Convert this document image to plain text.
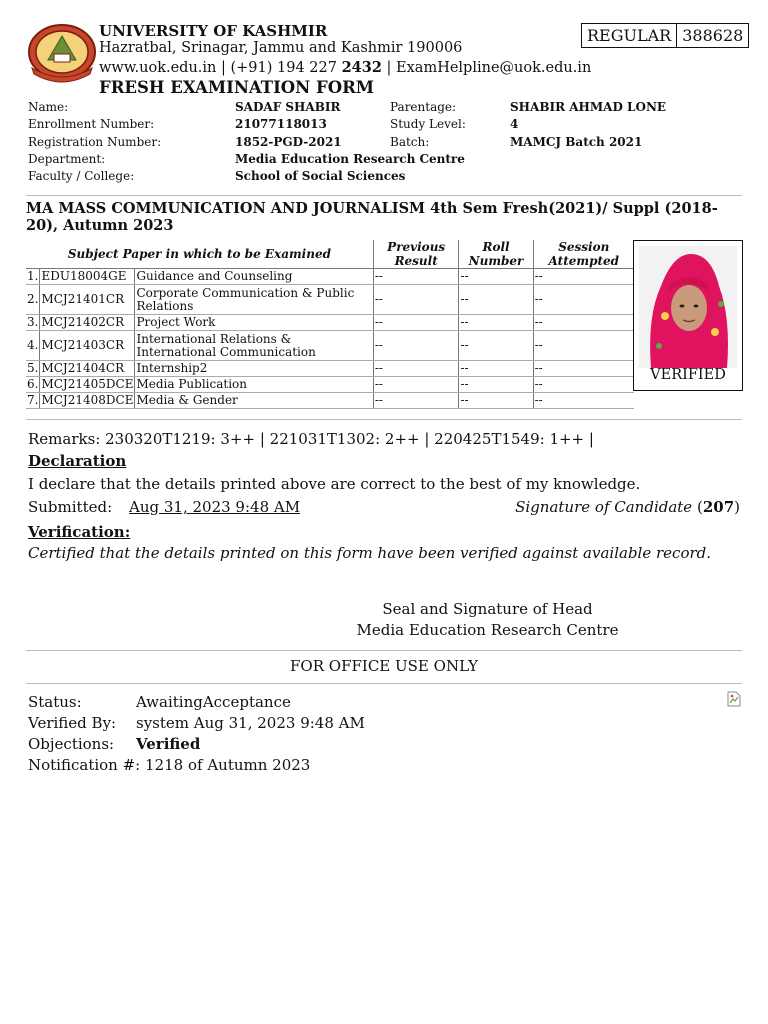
UNIVERSITY OF KASHMIR
Hazratbal, Srinagar, Jammu and Kashmir 190006
www.uok.edu.in | (+91) 194 227 2432 | ExamHelpline@uok.edu.in
FRESH EXAMINATION FORM
REGULAR 388628
Name:	SADAF SHABIR	Parentage:	SHABIR AHMAD LONE
Enrollment Number:	21077118013	Study Level:	4
Registration Number:	1852-PGD-2021	Batch:	MAMCJ Batch 2021
Department:	Media Education Research Centre
Faculty / College:	School of Social Sciences
MA MASS COMMUNICATION AND JOURNALISM 4th Sem Fresh(2021)/ Suppl (2018-20), Autumn 2023
Subject Paper in which to be Examined			Previous Result	Roll Number	Session Attempted
1.	EDU18004GE	Guidance and Counseling	--	--	--
2.	MCJ21401CR	Corporate Communication & Public Relations	--	--	--
3.	MCJ21402CR	Project Work	--	--	--
4.	MCJ21403CR	International Relations & International Communication	--	--	--
5.	MCJ21404CR	Internship2	--	--	--
6.	MCJ21405DCE	Media Publication	--	--	--
7.	MCJ21408DCE	Media & Gender	--	--	--
VERIFIED
Remarks: 230320T1219: 3++ | 221031T1302: 2++ | 220425T1549: 1++ |
Declaration
I declare that the details printed above are correct to the best of my knowledge.
Submitted: Aug 31, 2023 9:48 AM	Signature of Candidate (207)
Verification:
Certified that the details printed on this form have been verified against available record.
Seal and Signature of Head
Media Education Research Centre
FOR OFFICE USE ONLY
Status:	AwaitingAcceptance
Verified By: system Aug 31, 2023 9:48 AM
Objections: Verified
Notification #: 1218 of Autumn 2023
